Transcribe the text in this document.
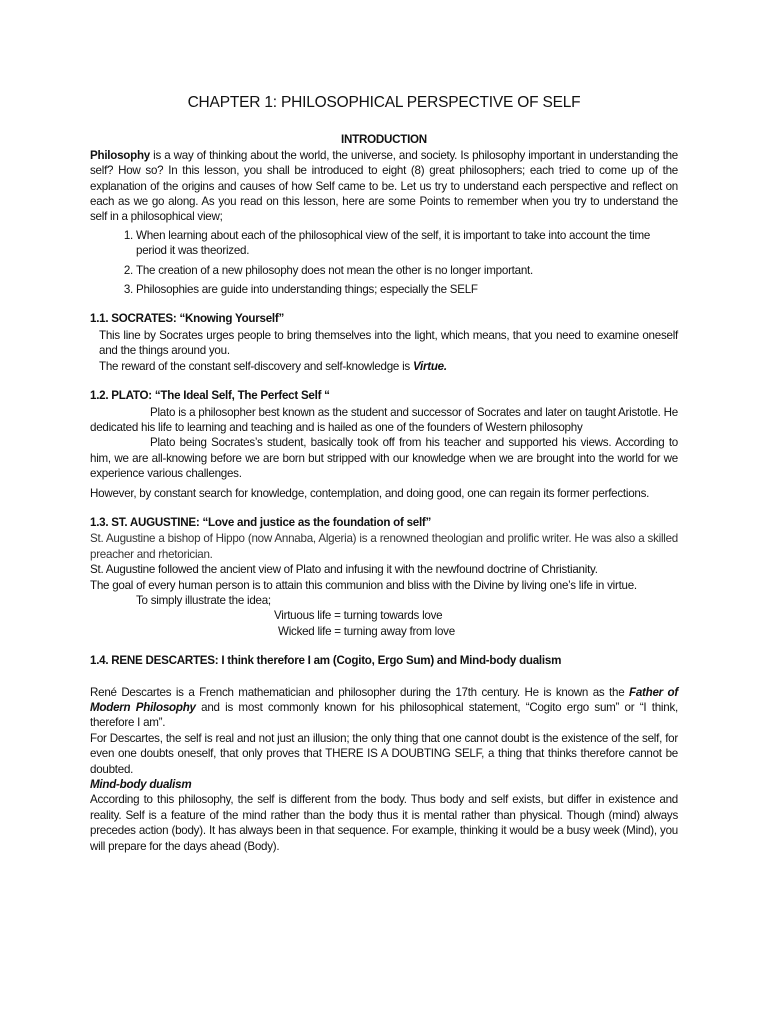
CHAPTER 1: PHILOSOPHICAL PERSPECTIVE OF SELF
INTRODUCTION

Philosophy is a way of thinking about the world, the universe, and society. Is philosophy important in understanding the self? How so? In this lesson, you shall be introduced to eight (8) great philosophers; each tried to come up of the explanation of the origins and causes of how Self came to be. Let us try to understand each perspective and reflect on each as we go along. As you read on this lesson, here are some Points to remember when you try to understand the self in a philosophical view;

1. When learning about each of the philosophical view of the self, it is important to take into account the time period it was theorized.
2. The creation of a new philosophy does not mean the other is no longer important.
3. Philosophies are guide into understanding things; especially the SELF
1.1. SOCRATES: “Knowing Yourself”

This line by Socrates urges people to bring themselves into the light, which means, that you need to examine oneself and the things around you.

The reward of the constant self-discovery and self-knowledge is Virtue.

1.2. PLATO: “The Ideal Self, The Perfect Self “

Plato is a philosopher best known as the student and successor of Socrates and later on taught Aristotle. He dedicated his life to learning and teaching and is hailed as one of the founders of Western philosophy

Plato being Socrates’s student, basically took off from his teacher and supported his views. According to him, we are all-knowing before we are born but stripped with our knowledge when we are brought into the world for we experience various challenges.

However, by constant search for knowledge, contemplation, and doing good, one can regain its former perfections.

1.3. ST. AUGUSTINE: “Love and justice as the foundation of self”

St. Augustine a bishop of Hippo (now Annaba, Algeria) is a renowned theologian and prolific writer. He was also a skilled preacher and rhetorician.

St. Augustine followed the ancient view of Plato and infusing it with the newfound doctrine of Christianity.

The goal of every human person is to attain this communion and bliss with the Divine by living one’s life in virtue.

To simply illustrate the idea;

Virtuous life = turning towards love

Wicked life = turning away from love

1.4. RENE DESCARTES: I think therefore I am (Cogito, Ergo Sum) and Mind-body dualism

René Descartes is a French mathematician and philosopher during the 17th century. He is known as the Father of Modern Philosophy and is most commonly known for his philosophical statement, “Cogito ergo sum” or “I think, therefore I am”.

For Descartes, the self is real and not just an illusion; the only thing that one cannot doubt is the existence of the self, for even one doubts oneself, that only proves that THERE IS A DOUBTING SELF, a thing that thinks therefore cannot be doubted.

Mind-body dualism

According to this philosophy, the self is different from the body. Thus body and self exists, but differ in existence and reality. Self is a feature of the mind rather than the body thus it is mental rather than physical. Though (mind) always precedes action (body). It has always been in that sequence. For example, thinking it would be a busy week (Mind), you will prepare for the days ahead (Body).
